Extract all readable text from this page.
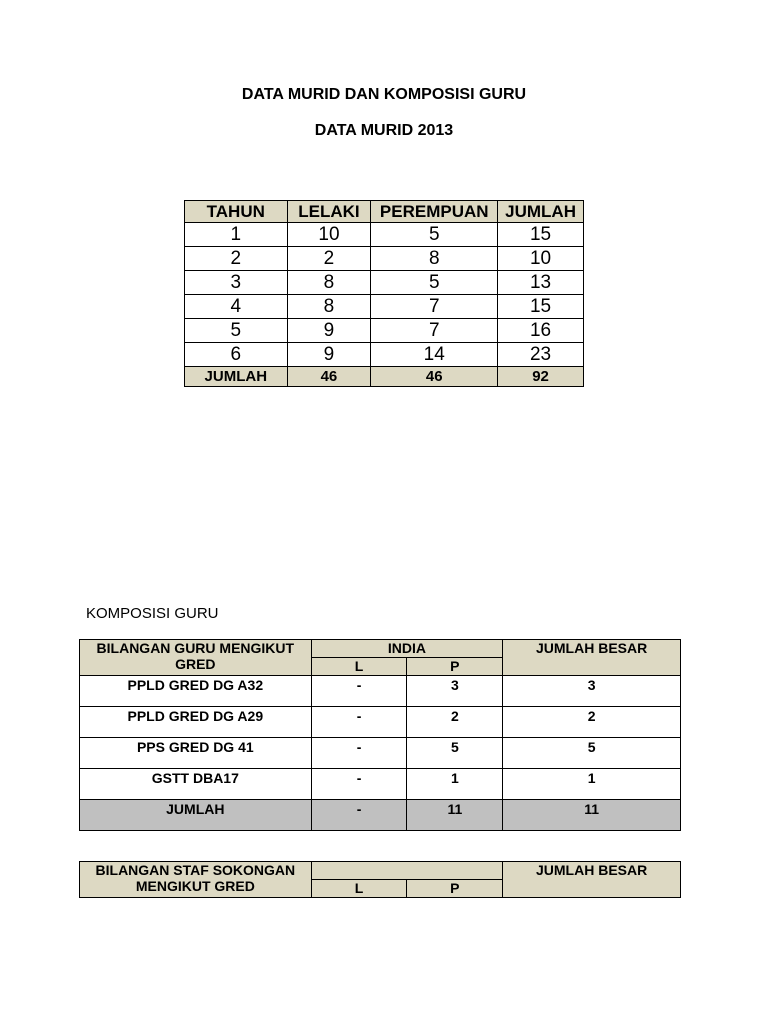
DATA MURID DAN KOMPOSISI GURU
DATA MURID 2013
TAHUN	LELAKI	PEREMPUAN	JUMLAH
1	10	5	15
2	2	8	10
3	8	5	13
4	8	7	15
5	9	7	16
6	9	14	23
JUMLAH	46	46	92
KOMPOSISI GURU
BILANGAN GURU MENGIKUT GRED	INDIA		JUMLAH BESAR
	L	P	
PPLD GRED DG A32	-	3	3
PPLD GRED DG A29	-	2	2
PPS GRED DG 41	-	5	5
GSTT DBA17	-	1	1
JUMLAH	-	11	11
BILANGAN STAF SOKONGAN MENGIKUT GRED			JUMLAH BESAR
	L	P	
